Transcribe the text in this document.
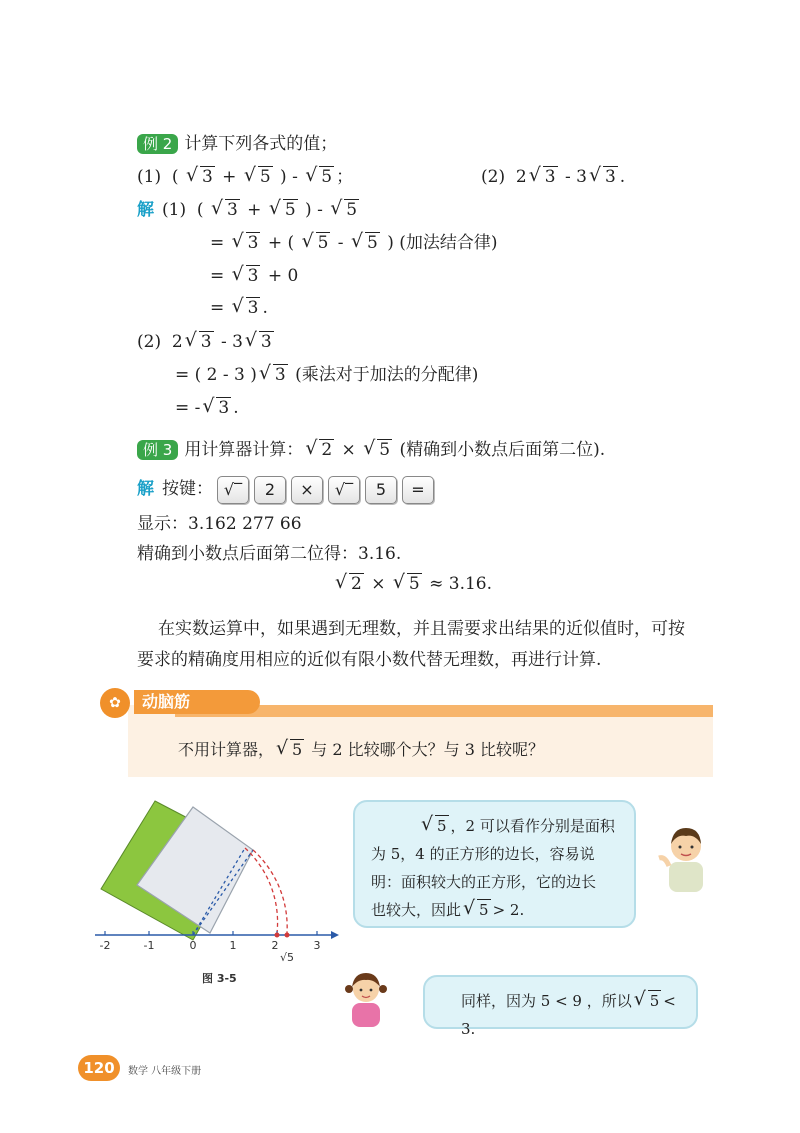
例 2 计算下列各式的值；
(1)  ( √ 3 + √ 5 ) - √ 5 ；	(2) 2 √ 3 - 3 √ 3 .
解 (1)  ( √ 3 + √ 5 ) - √ 5
= √ 3 + ( √ 5 - √ 5 ) (加法结合律)
= √ 3 + 0
= √ 3 .
(2)  2 √ 3 - 3 √ 3
= ( 2 - 3 ) √ 3 (乘法对于加法的分配律)
= - √ 3 .
例 3 用计算器计算： √ 2 × √ 5 (精确到小数点后面第二位).
解 按键： √‾ 2 × √‾ 5 =
显示：3.162 277 66
精确到小数点后面第二位得：3.16.
√ 2 × √ 5 ≈ 3.16.
在实数运算中，如果遇到无理数，并且需要求出结果的近似值时，可按
要求的精确度用相应的近似有限小数代替无理数，再进行计算.
✿	动脑筋
不用计算器， √ 5 与 2 比较哪个大？与 3 比较呢？
-2	-1	0	1	2	3
√5
图 3-5
√ 5 ，2 可以看作分别是面积
为 5，4 的正方形的边长，容易说
明：面积较大的正方形，它的边长
也较大，因此 √ 5 > 2.
同样，因为 5 < 9 ，所以 √ 5 < 3.
120	数学 八年级下册
